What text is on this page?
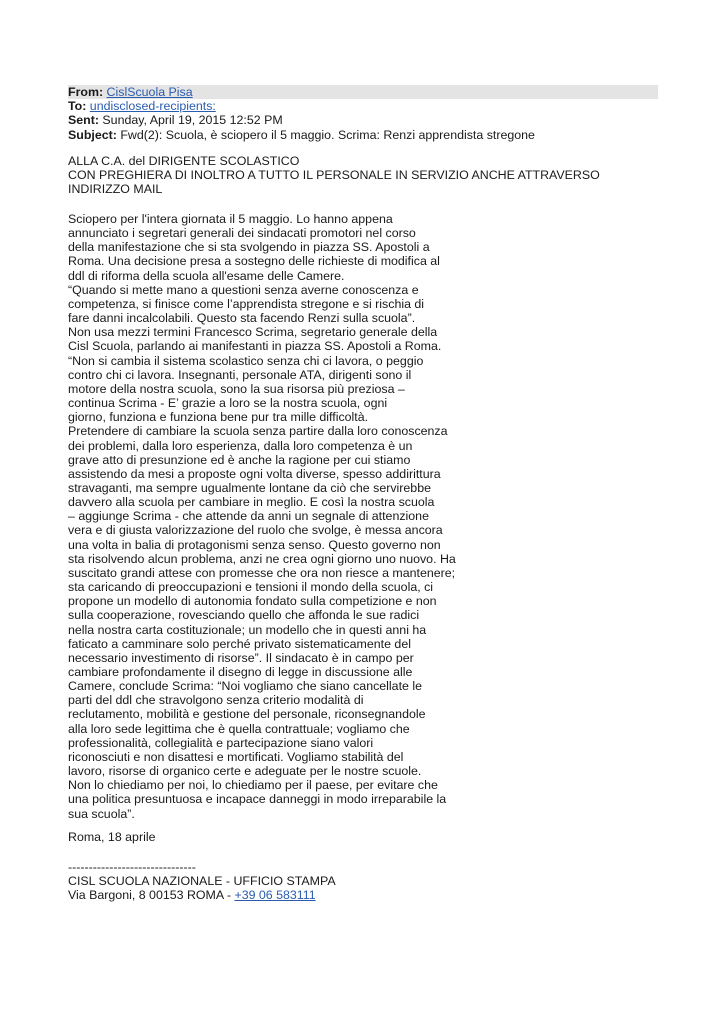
From: CislScuola Pisa
To: undisclosed-recipients:
Sent: Sunday, April 19, 2015 12:52 PM
Subject: Fwd(2): Scuola, è sciopero il 5 maggio. Scrima: Renzi apprendista stregone
ALLA C.A. del DIRIGENTE SCOLASTICO
CON PREGHIERA DI INOLTRO A TUTTO IL PERSONALE IN SERVIZIO ANCHE ATTRAVERSO
INDIRIZZO MAIL
Sciopero per l'intera giornata il 5 maggio. Lo hanno appena
annunciato i segretari generali dei sindacati promotori nel corso
della manifestazione che si sta svolgendo in piazza SS. Apostoli a
Roma. Una decisione presa a sostegno delle richieste di modifica al
ddl di riforma della scuola all'esame delle Camere.
“Quando si mette mano a questioni senza averne conoscenza e
competenza, si finisce come l’apprendista stregone e si rischia di
fare danni incalcolabili. Questo sta facendo Renzi sulla scuola”.
Non usa mezzi termini Francesco Scrima, segretario generale della
Cisl Scuola, parlando ai manifestanti in piazza SS. Apostoli a Roma.
“Non si cambia il sistema scolastico senza chi ci lavora, o peggio
contro chi ci lavora. Insegnanti, personale ATA, dirigenti sono il
motore della nostra scuola, sono la sua risorsa più preziosa –
continua Scrima - E’ grazie a loro se la nostra scuola, ogni
giorno, funziona e funziona bene pur tra mille difficoltà.
Pretendere di cambiare la scuola senza partire dalla loro conoscenza
dei problemi, dalla loro esperienza, dalla loro competenza è un
grave atto di presunzione ed è anche la ragione per cui stiamo
assistendo da mesi a proposte ogni volta diverse, spesso addirittura
stravaganti, ma sempre ugualmente lontane da ciò che servirebbe
davvero alla scuola per cambiare in meglio. E così la nostra scuola
– aggiunge Scrima - che attende da anni un segnale di attenzione
vera e di giusta valorizzazione del ruolo che svolge, è messa ancora
una volta in balia di protagonismi senza senso. Questo governo non
sta risolvendo alcun problema, anzi ne crea ogni giorno uno nuovo. Ha
suscitato grandi attese con promesse che ora non riesce a mantenere;
sta caricando di preoccupazioni e tensioni il mondo della scuola, ci
propone un modello di autonomia fondato sulla competizione e non
sulla cooperazione, rovesciando quello che affonda le sue radici
nella nostra carta costituzionale; un modello che in questi anni ha
faticato a camminare solo perché privato sistematicamente del
necessario investimento di risorse”. Il sindacato è in campo per
cambiare profondamente il disegno di legge in discussione alle
Camere, conclude Scrima: “Noi vogliamo che siano cancellate le
parti del ddl che stravolgono senza criterio modalità di
reclutamento, mobilità e gestione del personale, riconsegnandole
alla loro sede legittima che è quella contrattuale; vogliamo che
professionalità, collegialità e partecipazione siano valori
riconosciuti e non disattesi e mortificati. Vogliamo stabilità del
lavoro, risorse di organico certe e adeguate per le nostre scuole.
Non lo chiediamo per noi, lo chiediamo per il paese, per evitare che
una politica presuntuosa e incapace danneggi in modo irreparabile la
sua scuola”.
Roma, 18 aprile
-------------------------------
CISL SCUOLA NAZIONALE - UFFICIO STAMPA
Via Bargoni, 8 00153 ROMA - +39 06 583111
